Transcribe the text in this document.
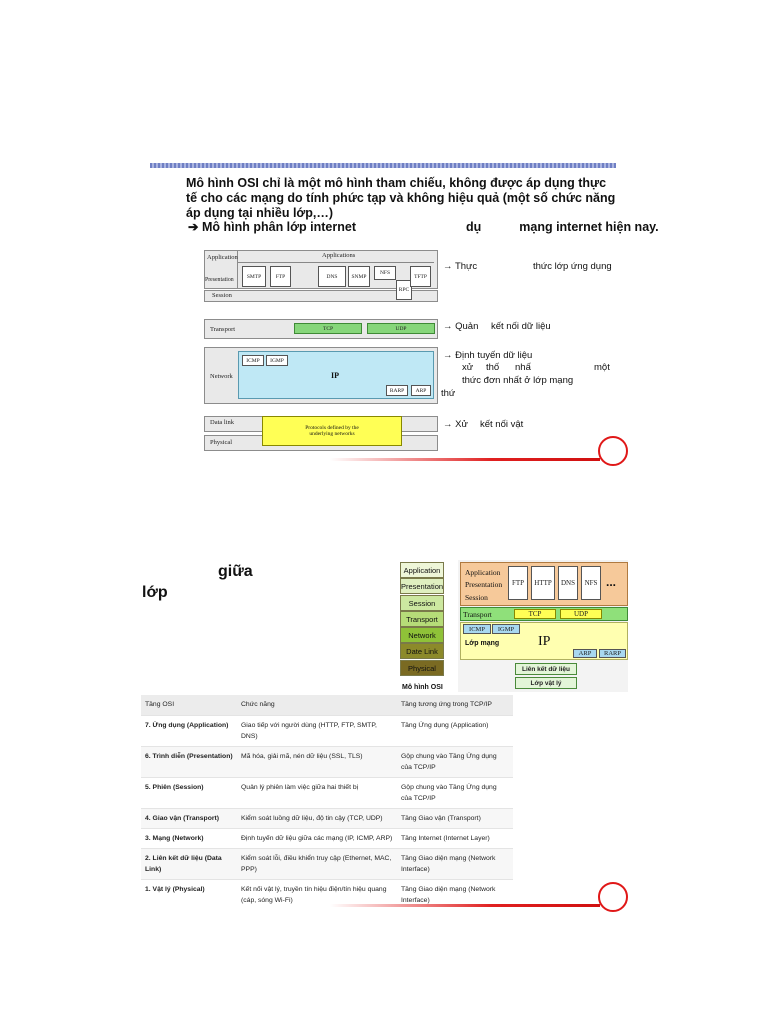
Mô hình OSI chỉ là một mô hình tham chiếu, không được áp dụng thực tế cho các mạng do tính phức tạp và không hiệu quả (một số chức năng áp dụng tại nhiều lớp,…)
➔ Mô hình phân lớp internet	dụ	mạng internet hiện nay.
Application
Presentation
Session
Applications
SMTP	FTP	DNS	SNMP
NFS
RPC
TFTP
Transport	TCP	UDP
Network
ICMP	IGMP
IP
RARP	ARP
Data link
Physical
Protocols defined by the underlying networks
→ Thực	thức lớp ứng dụng
→ Quản kết nối dữ liệu
→ Định tuyến dữ liệu
xử thố nhấ	một
thức đơn nhất ở lớp mạng
thứ
→ Xử kết nối vật
giữa
lớp
Application
Presentation
Session
Transport
Network
Date Link
Physical
Mô hình OSI
Application
Presentation
Session
FTP	HTTP	DNS	NFS ...
Transport	TCP	UDP
ICMP	IGMP
IP
Lớp mạng
ARP	RARP
Liên kết dữ liệu
Lớp vật lý
Tầng OSI	Chức năng	Tầng tương ứng trong TCP/IP
7. Ứng dụng (Application)	Giao tiếp với người dùng (HTTP, FTP, SMTP, DNS)	Tầng Ứng dụng (Application)
6. Trình diễn (Presentation)	Mã hóa, giải mã, nén dữ liệu (SSL, TLS)	Gộp chung vào Tầng Ứng dụng của TCP/IP
5. Phiên (Session)	Quản lý phiên làm việc giữa hai thiết bị	Gộp chung vào Tầng Ứng dụng của TCP/IP
4. Giao vận (Transport)	Kiểm soát luồng dữ liệu, độ tin cậy (TCP, UDP)	Tầng Giao vận (Transport)
3. Mạng (Network)	Định tuyến dữ liệu giữa các mạng (IP, ICMP, ARP)	Tầng Internet (Internet Layer)
2. Liên kết dữ liệu (Data Link)	Kiểm soát lỗi, điều khiển truy cập (Ethernet, MAC, PPP)	Tầng Giao diện mạng (Network Interface)
1. Vật lý (Physical)	Kết nối vật lý, truyền tín hiệu điện/tín hiệu quang (cáp, sóng Wi-Fi)	Tầng Giao diện mạng (Network Interface)
